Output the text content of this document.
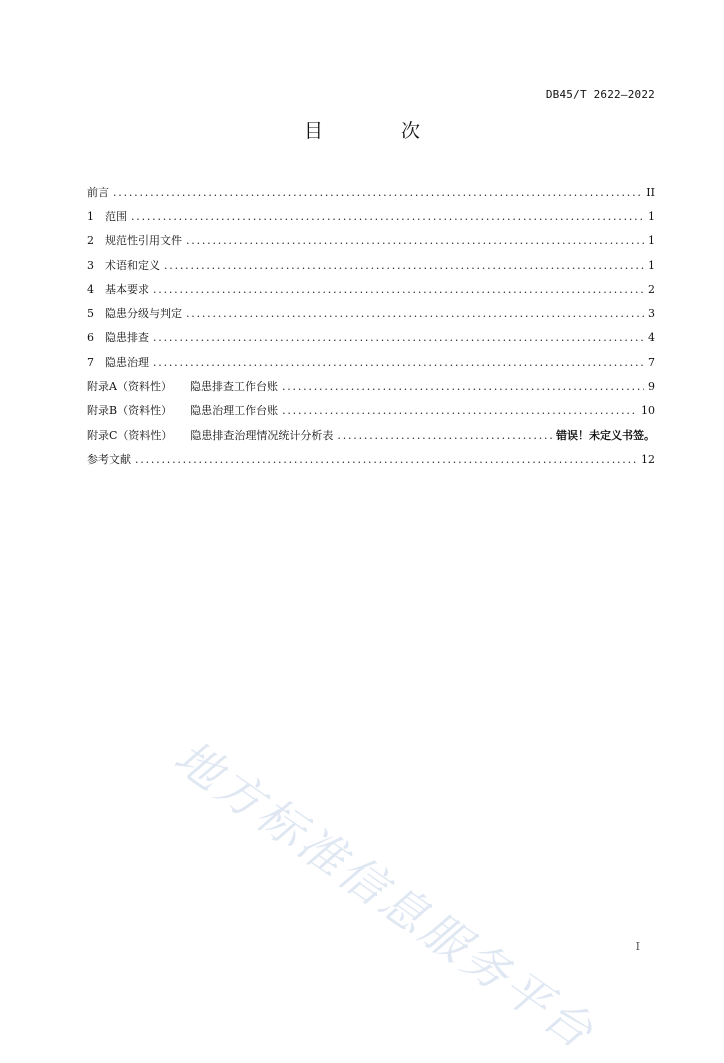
DB45/T 2622—2022
目 次
前言 .....	II
1	范围 .....	1
2	规范性引用文件 .....	1
3	术语和定义 .....	1
4	基本要求 .....	2
5	隐患分级与判定 .....	3
6	隐患排查 .....	4
7	隐患治理 .....	7
附录A（资料性） 隐患排查工作台账 .....	9
附录B（资料性） 隐患治理工作台账 .....	10
附录C（资料性） 隐患排查治理情况统计分析表 .....	错误！未定义书签。
参考文献 .....	12
地方标准信息服务平台	I
